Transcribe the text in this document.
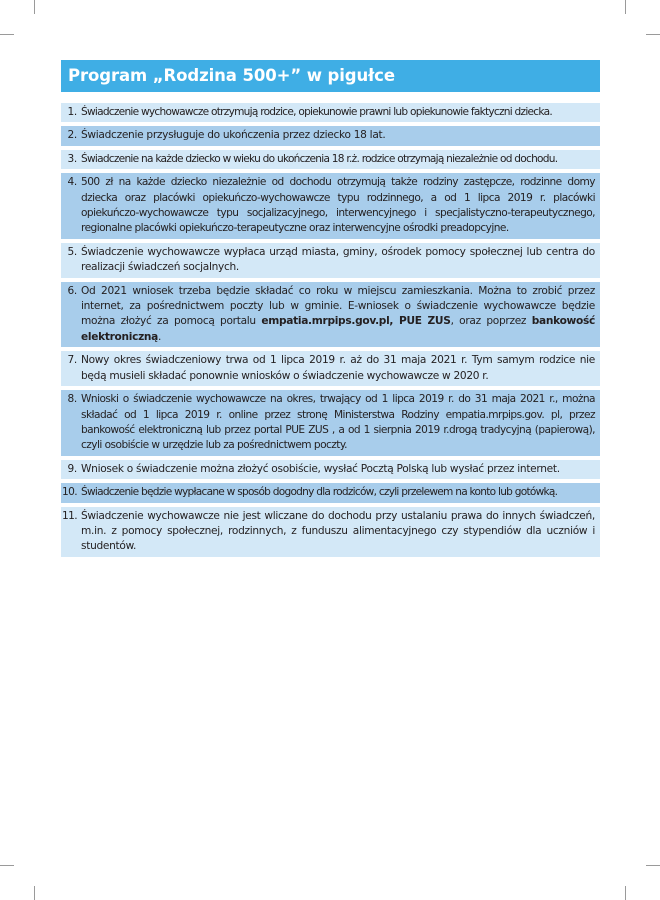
Program „Rodzina 500+” w pigułce
1. Świadczenie wychowawcze otrzymują rodzice, opiekunowie prawni lub opiekunowie faktyczni dziecka.
2. Świadczenie przysługuje do ukończenia przez dziecko 18 lat.
3. Świadczenie na każde dziecko w wieku do ukończenia 18 r.ż. rodzice otrzymają niezależnie od dochodu.
4. 500 zł na każde dziecko niezależnie od dochodu otrzymują także rodziny zastępcze, rodzinne domy dziecka oraz placówki opiekuńczo-wychowawcze typu rodzinnego, a od 1 lipca 2019 r. placówki opiekuńczo-wychowawcze typu socjalizacyjnego, interwencyjnego i specjalistyczno-terapeutycznego, regionalne placówki opiekuńczo-terapeutyczne oraz interwencyjne ośrodki preadopcyjne.
5. Świadczenie wychowawcze wypłaca urząd miasta, gminy, ośrodek pomocy społecznej lub centra do realizacji świadczeń socjalnych.
6. Od 2021 wniosek trzeba będzie składać co roku w miejscu zamieszkania. Można to zrobić przez internet, za pośrednictwem poczty lub w gminie. E-wniosek o świadczenie wychowawcze będzie można złożyć za pomocą portalu empatia.mrpips.gov.pl, PUE ZUS, oraz poprzez bankowość elektroniczną.
7. Nowy okres świadczeniowy trwa od 1 lipca 2019 r. aż do 31 maja 2021 r. Tym samym rodzice nie będą musieli składać ponownie wniosków o świadczenie wychowawcze w 2020 r.
8. Wnioski o świadczenie wychowawcze na okres, trwający od 1 lipca 2019 r. do 31 maja 2021 r., można składać od 1 lipca 2019 r. online przez stronę Ministerstwa Rodziny empatia.mrpips.gov. pl, przez bankowość elektroniczną lub przez portal PUE ZUS , a od 1 sierpnia 2019 r.drogą tradycyjną (papierową), czyli osobiście w urzędzie lub za pośrednictwem poczty.
9. Wniosek o świadczenie można złożyć osobiście, wysłać Pocztą Polską lub wysłać przez internet.
10. Świadczenie będzie wypłacane w sposób dogodny dla rodziców, czyli przelewem na konto lub gotówką.
11. Świadczenie wychowawcze nie jest wliczane do dochodu przy ustalaniu prawa do innych świadczeń, m.in. z pomocy społecznej, rodzinnych, z funduszu alimentacyjnego czy stypendiów dla uczniów i studentów.
